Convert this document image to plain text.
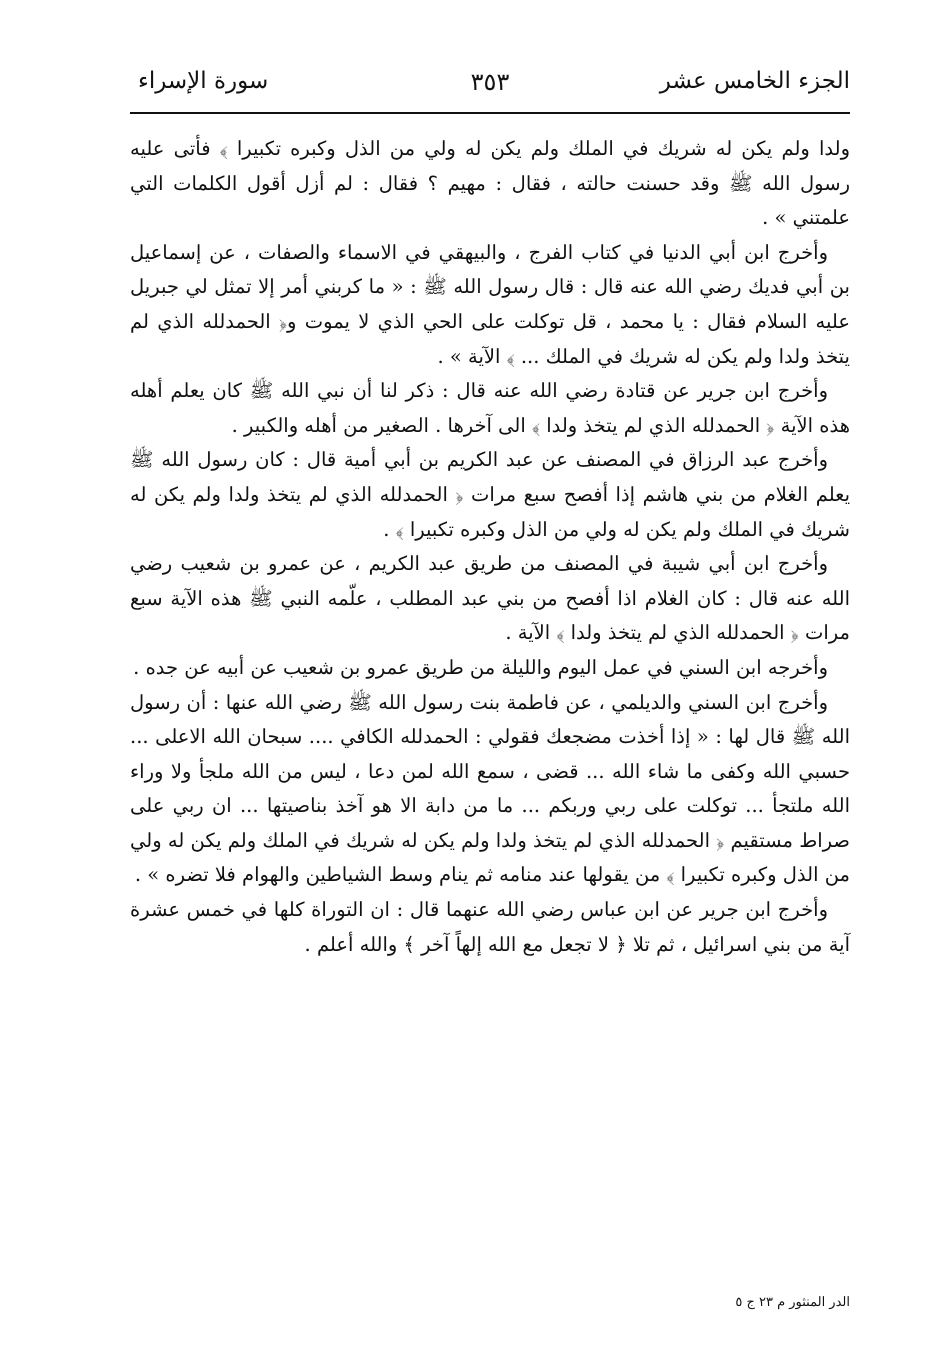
الجزء الخامس عشر
٣٥٣
سورة الإسراء

ولدا ولم يكن له شريك في الملك ولم يكن له ولي من الذل وكبره تكبيرا ﴾ فأتى عليه رسول الله ﷺ وقد حسنت حالته ، فقال : مهيم ؟ فقال : لم أزل أقول الكلمات التي علمتني » .

وأخرج ابن أبي الدنيا في كتاب الفرج ، والبيهقي في الاسماء والصفات ، عن إسماعيل بن أبي فديك رضي الله عنه قال : قال رسول الله ﷺ : « ما كربني أمر إلا تمثل لي جبريل عليه السلام فقال : يا محمد ، قل توكلت على الحي الذي لا يموت و﴿ الحمدلله الذي لم يتخذ ولدا ولم يكن له شريك في الملك ... ﴾ الآية » .

وأخرج ابن جرير عن قتادة رضي الله عنه قال : ذكر لنا أن نبي الله ﷺ كان يعلم أهله هذه الآية ﴿ الحمدلله الذي لم يتخذ ولدا ﴾ الى آخرها . الصغير من أهله والكبير .

وأخرج عبد الرزاق في المصنف عن عبد الكريم بن أبي أمية قال : كان رسول الله ﷺ يعلم الغلام من بني هاشم إذا أفصح سبع مرات ﴿ الحمدلله الذي لم يتخذ ولدا ولم يكن له شريك في الملك ولم يكن له ولي من الذل وكبره تكبيرا ﴾ .

وأخرج ابن أبي شيبة في المصنف من طريق عبد الكريم ، عن عمرو بن شعيب رضي الله عنه قال : كان الغلام اذا أفصح من بني عبد المطلب ، علّمه النبي ﷺ هذه الآية سبع مرات ﴿ الحمدلله الذي لم يتخذ ولدا ﴾ الآية .

وأخرجه ابن السني في عمل اليوم والليلة من طريق عمرو بن شعيب عن أبيه عن جده .

وأخرج ابن السني والديلمي ، عن فاطمة بنت رسول الله ﷺ رضي الله عنها : أن رسول الله ﷺ قال لها : « إذا أخذت مضجعك فقولي : الحمدلله الكافي .... سبحان الله الاعلى ... حسبي الله وكفى ما شاء الله ... قضى ، سمع الله لمن دعا ، ليس من الله ملجأ ولا وراء الله ملتجأ ... توكلت على ربي وربكم ... ما من دابة الا هو آخذ بناصيتها ... ان ربي على صراط مستقيم ﴿ الحمدلله الذي لم يتخذ ولدا ولم يكن له شريك في الملك ولم يكن له ولي من الذل وكبره تكبيرا ﴾ من يقولها عند منامه ثم ينام وسط الشياطين والهوام فلا تضره » .

وأخرج ابن جرير عن ابن عباس رضي الله عنهما قال : ان التوراة كلها في خمس عشرة آية من بني اسرائيل ، ثم تلا ﴿ لا تجعل مع الله إلهاً آخر ﴾ والله أعلم .

الدر المنثور م ٢٣ ج ٥
